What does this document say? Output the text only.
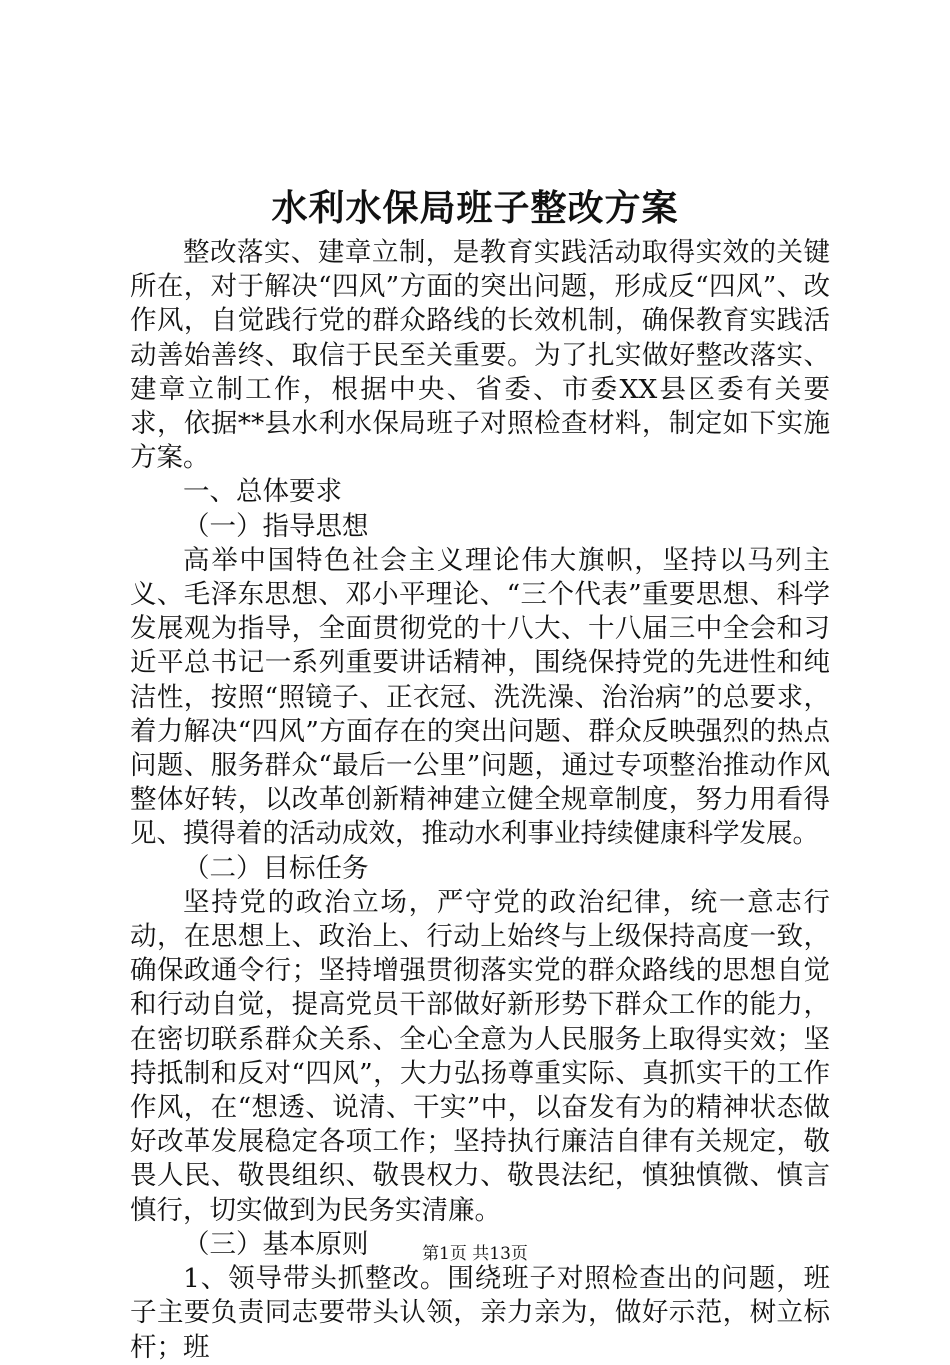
水利水保局班子整改方案

整改落实、建章立制，是教育实践活动取得实效的关键所在，对于解决“四风”方面的突出问题，形成反“四风”、改作风，自觉践行党的群众路线的长效机制，确保教育实践活动善始善终、取信于民至关重要。为了扎实做好整改落实、建章立制工作，根据中央、省委、市委XX县区委有关要求，依据**县水利水保局班子对照检查材料，制定如下实施方案。

一、总体要求

（一）指导思想

高举中国特色社会主义理论伟大旗帜，坚持以马列主义、毛泽东思想、邓小平理论、“三个代表”重要思想、科学发展观为指导，全面贯彻党的十八大、十八届三中全会和习近平总书记一系列重要讲话精神，围绕保持党的先进性和纯洁性，按照“照镜子、正衣冠、洗洗澡、治治病”的总要求，着力解决“四风”方面存在的突出问题、群众反映强烈的热点问题、服务群众“最后一公里”问题，通过专项整治推动作风整体好转，以改革创新精神建立健全规章制度，努力用看得见、摸得着的活动成效，推动水利事业持续健康科学发展。

（二）目标任务

坚持党的政治立场，严守党的政治纪律，统一意志行动，在思想上、政治上、行动上始终与上级保持高度一致，确保政通令行；坚持增强贯彻落实党的群众路线的思想自觉和行动自觉，提高党员干部做好新形势下群众工作的能力，在密切联系群众关系、全心全意为人民服务上取得实效；坚持抵制和反对“四风”，大力弘扬尊重实际、真抓实干的工作作风，在“想透、说清、干实”中，以奋发有为的精神状态做好改革发展稳定各项工作；坚持执行廉洁自律有关规定，敬畏人民、敬畏组织、敬畏权力、敬畏法纪，慎独慎微、慎言慎行，切实做到为民务实清廉。

（三）基本原则

1、领导带头抓整改。围绕班子对照检查出的问题，班子主要负责同志要带头认领，亲力亲为，做好示范，树立标杆；班

第1页 共13页
